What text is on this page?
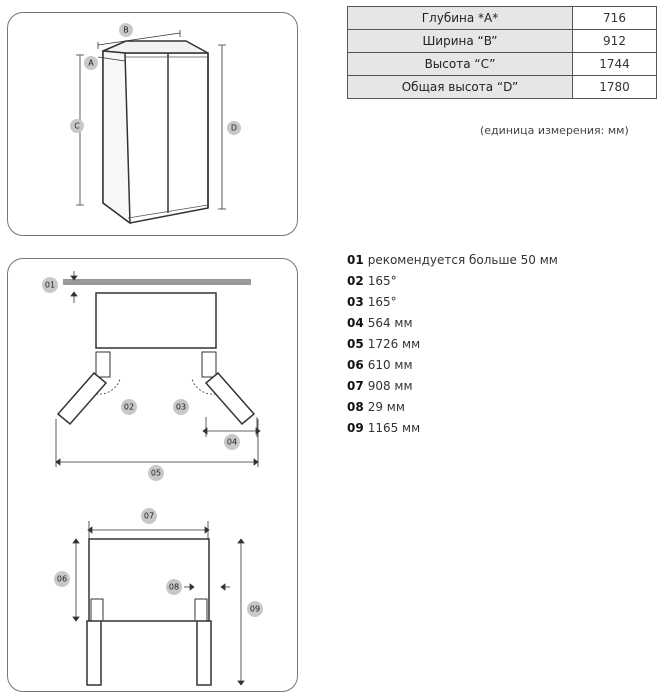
B
A
C	D
01
02	03
04
05
07
06
08
09
Глубина *A*	716
Ширина “B”	912
Высота “C”	1744
Общая высота “D”	1780
(единица измерения: мм)
01 рекомендуется больше 50 мм
02 165°
03 165°
04 564 мм
05 1726 мм
06 610 мм
07 908 мм
08 29 мм
09 1165 мм
